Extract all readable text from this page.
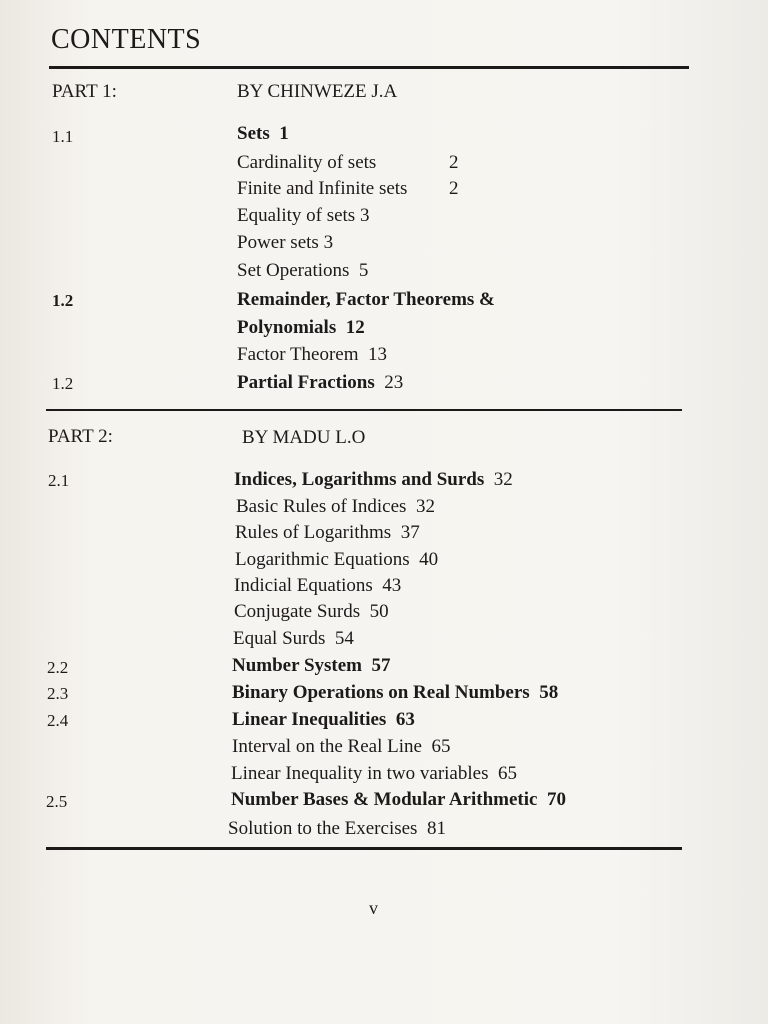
CONTENTS
PART 1:	BY CHINWEZE J.A
1.1	Sets 1
Cardinality of sets	2
Finite and Infinite sets 2
Equality of sets 3
Power sets 3
Set Operations 5
1.2	Remainder, Factor Theorems &
Polynomials 12
Factor Theorem 13
1.2	Partial Fractions 23
PART 2:	BY MADU L.O
2.1	Indices, Logarithms and Surds 32
Basic Rules of Indices 32
Rules of Logarithms 37
Logarithmic Equations 40
Indicial Equations 43
Conjugate Surds 50
Equal Surds 54
2.2	Number System 57
2.3	Binary Operations on Real Numbers 58
2.4	Linear Inequalities 63
Interval on the Real Line 65
Linear Inequality in two variables 65
2.5	Number Bases & Modular Arithmetic 70
Solution to the Exercises 81
v
